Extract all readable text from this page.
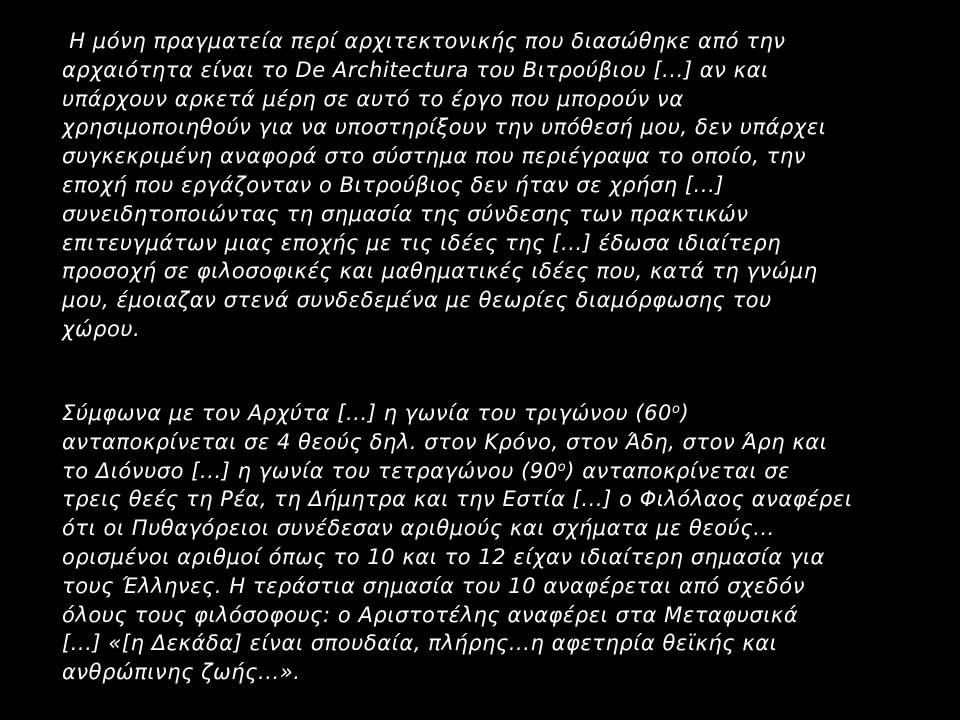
Η μόνη πραγματεία περί αρχιτεκτονικής που διασώθηκε από την
αρχαιότητα είναι το De Architectura του Βιτρούβιου [...] αν και
υπάρχουν αρκετά μέρη σε αυτό το έργο που μπορούν να
χρησιμοποιηθούν για να υποστηρίξουν την υπόθεσή μου, δεν υπάρχει
συγκεκριμένη αναφορά στο σύστημα που περιέγραψα το οποίο, την
εποχή που εργάζονταν ο Βιτρούβιος δεν ήταν σε χρήση [...]
συνειδητοποιώντας τη σημασία της σύνδεσης των πρακτικών
επιτευγμάτων μιας εποχής με τις ιδέες της [...] έδωσα ιδιαίτερη
προσοχή σε φιλοσοφικές και μαθηματικές ιδέες που, κατά τη γνώμη
μου, έμοιαζαν στενά συνδεδεμένα με θεωρίες διαμόρφωσης του
χώρου.
Σύμφωνα με τον Αρχύτα [...] η γωνία του τριγώνου $(60^o)$
ανταποκρίνεται σε 4 θεούς δηλ. στον Κρόνο, στον Άδη, στον Άρη και
το Διόνυσο [...] η γωνία του τετραγώνου $(90^o)$ ανταποκρίνεται σε
τρεις θεές τη Ρέα, τη Δήμητρα και την Εστία [...] ο Φιλόλαος αναφέρει
ότι οι Πυθαγόρειοι συνέδεσαν αριθμούς και σχήματα με θεούς...
ορισμένοι αριθμοί όπως το 10 και το 12 είχαν ιδιαίτερη σημασία για
τους Έλληνες. Η τεράστια σημασία του 10 αναφέρεται από σχεδόν
όλους τους φιλόσοφους: ο Αριστοτέλης αναφέρει στα Μεταφυσικά
[...] «[η Δεκάδα] είναι σπουδαία, πλήρης...η αφετηρία θεϊκής και
ανθρώπινης ζωής...».
